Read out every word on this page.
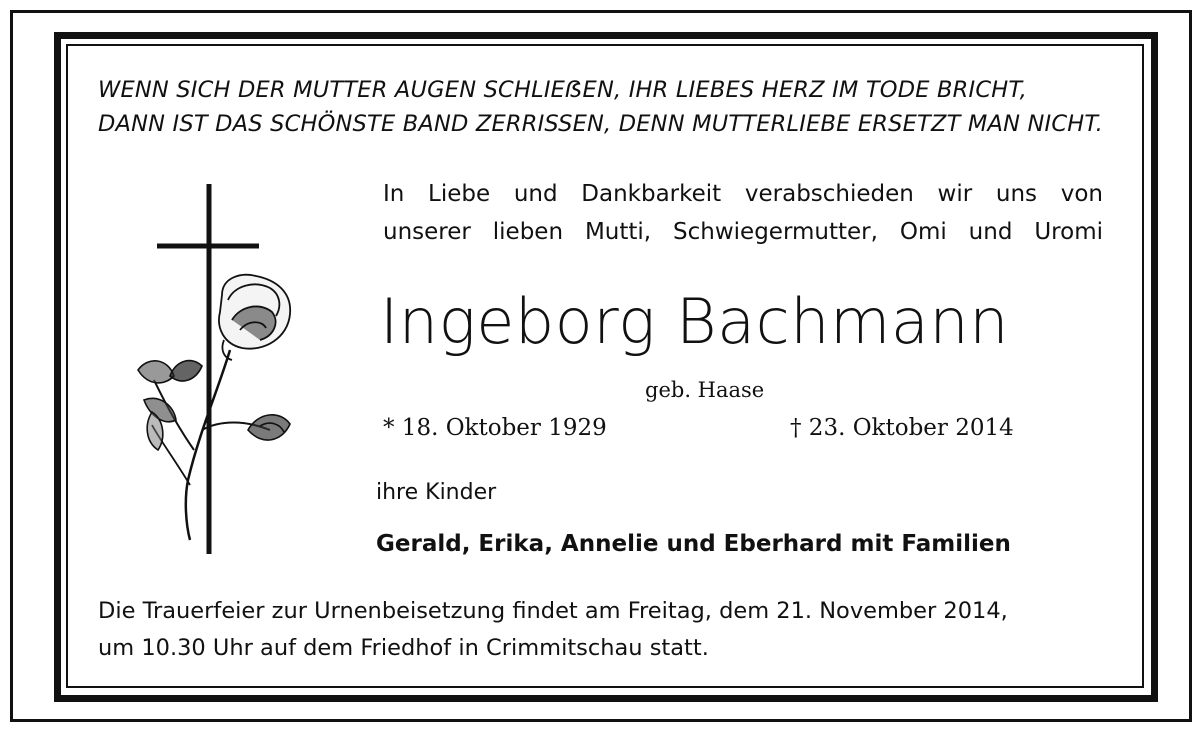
WENN SICH DER MUTTER AUGEN SCHLIEẞEN, IHR LIEBES HERZ IM TODE BRICHT,
DANN IST DAS SCHÖNSTE BAND ZERRISSEN, DENN MUTTERLIEBE ERSETZT MAN NICHT.
In Liebe und Dankbarkeit verabschieden wir uns von
unserer lieben Mutti, Schwiegermutter, Omi und Uromi
Ingeborg Bachmann
geb. Haase
* 18. Oktober 1929	† 23. Oktober 2014
ihre Kinder
Gerald, Erika, Annelie und Eberhard mit Familien
Die Trauerfeier zur Urnenbeisetzung findet am Freitag, dem 21. November 2014,
um 10.30 Uhr auf dem Friedhof in Crimmitschau statt.
